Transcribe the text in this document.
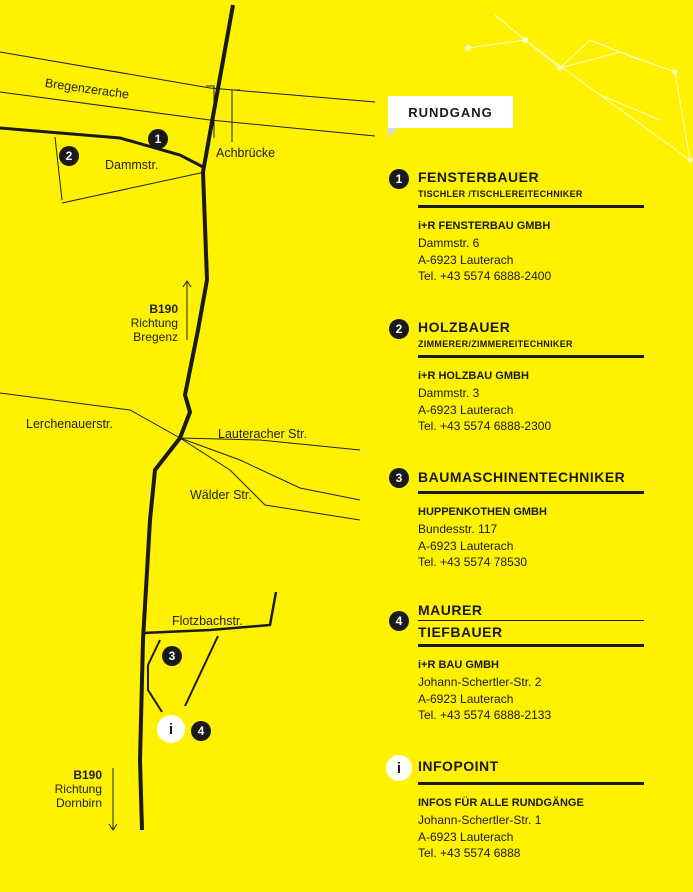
Bregenzerache
Achbrücke
Dammstr.
Lerchenauerstr.
Lauteracher Str.
Wälder Str.
Flotzbachstr.
B190
Richtung
Bregenz
B190
Richtung
Dornbirn
1
2
3
4
i
RUNDGANG
1	FENSTERBAUER
TISCHLER /TISCHLEREITECHNIKER
i+R FENSTERBAU GMBH
Dammstr. 6
A-6923 Lauterach
Tel. +43 5574 6888-2400
2	HOLZBAUER
ZIMMERER/ZIMMEREITECHNIKER
i+R HOLZBAU GMBH
Dammstr. 3
A-6923 Lauterach
Tel. +43 5574 6888-2300
3	BAUMASCHINENTECHNIKER
HUPPENKOTHEN GMBH
Bundesstr. 117
A-6923 Lauterach
Tel. +43 5574 78530
4
MAURER
TIEFBAUER
i+R BAU GMBH
Johann-Schertler-Str. 2
A-6923 Lauterach
Tel. +43 5574 6888-2133
i	INFOPOINT
INFOS FÜR ALLE RUNDGÄNGE
Johann-Schertler-Str. 1
A-6923 Lauterach
Tel. +43 5574 6888
